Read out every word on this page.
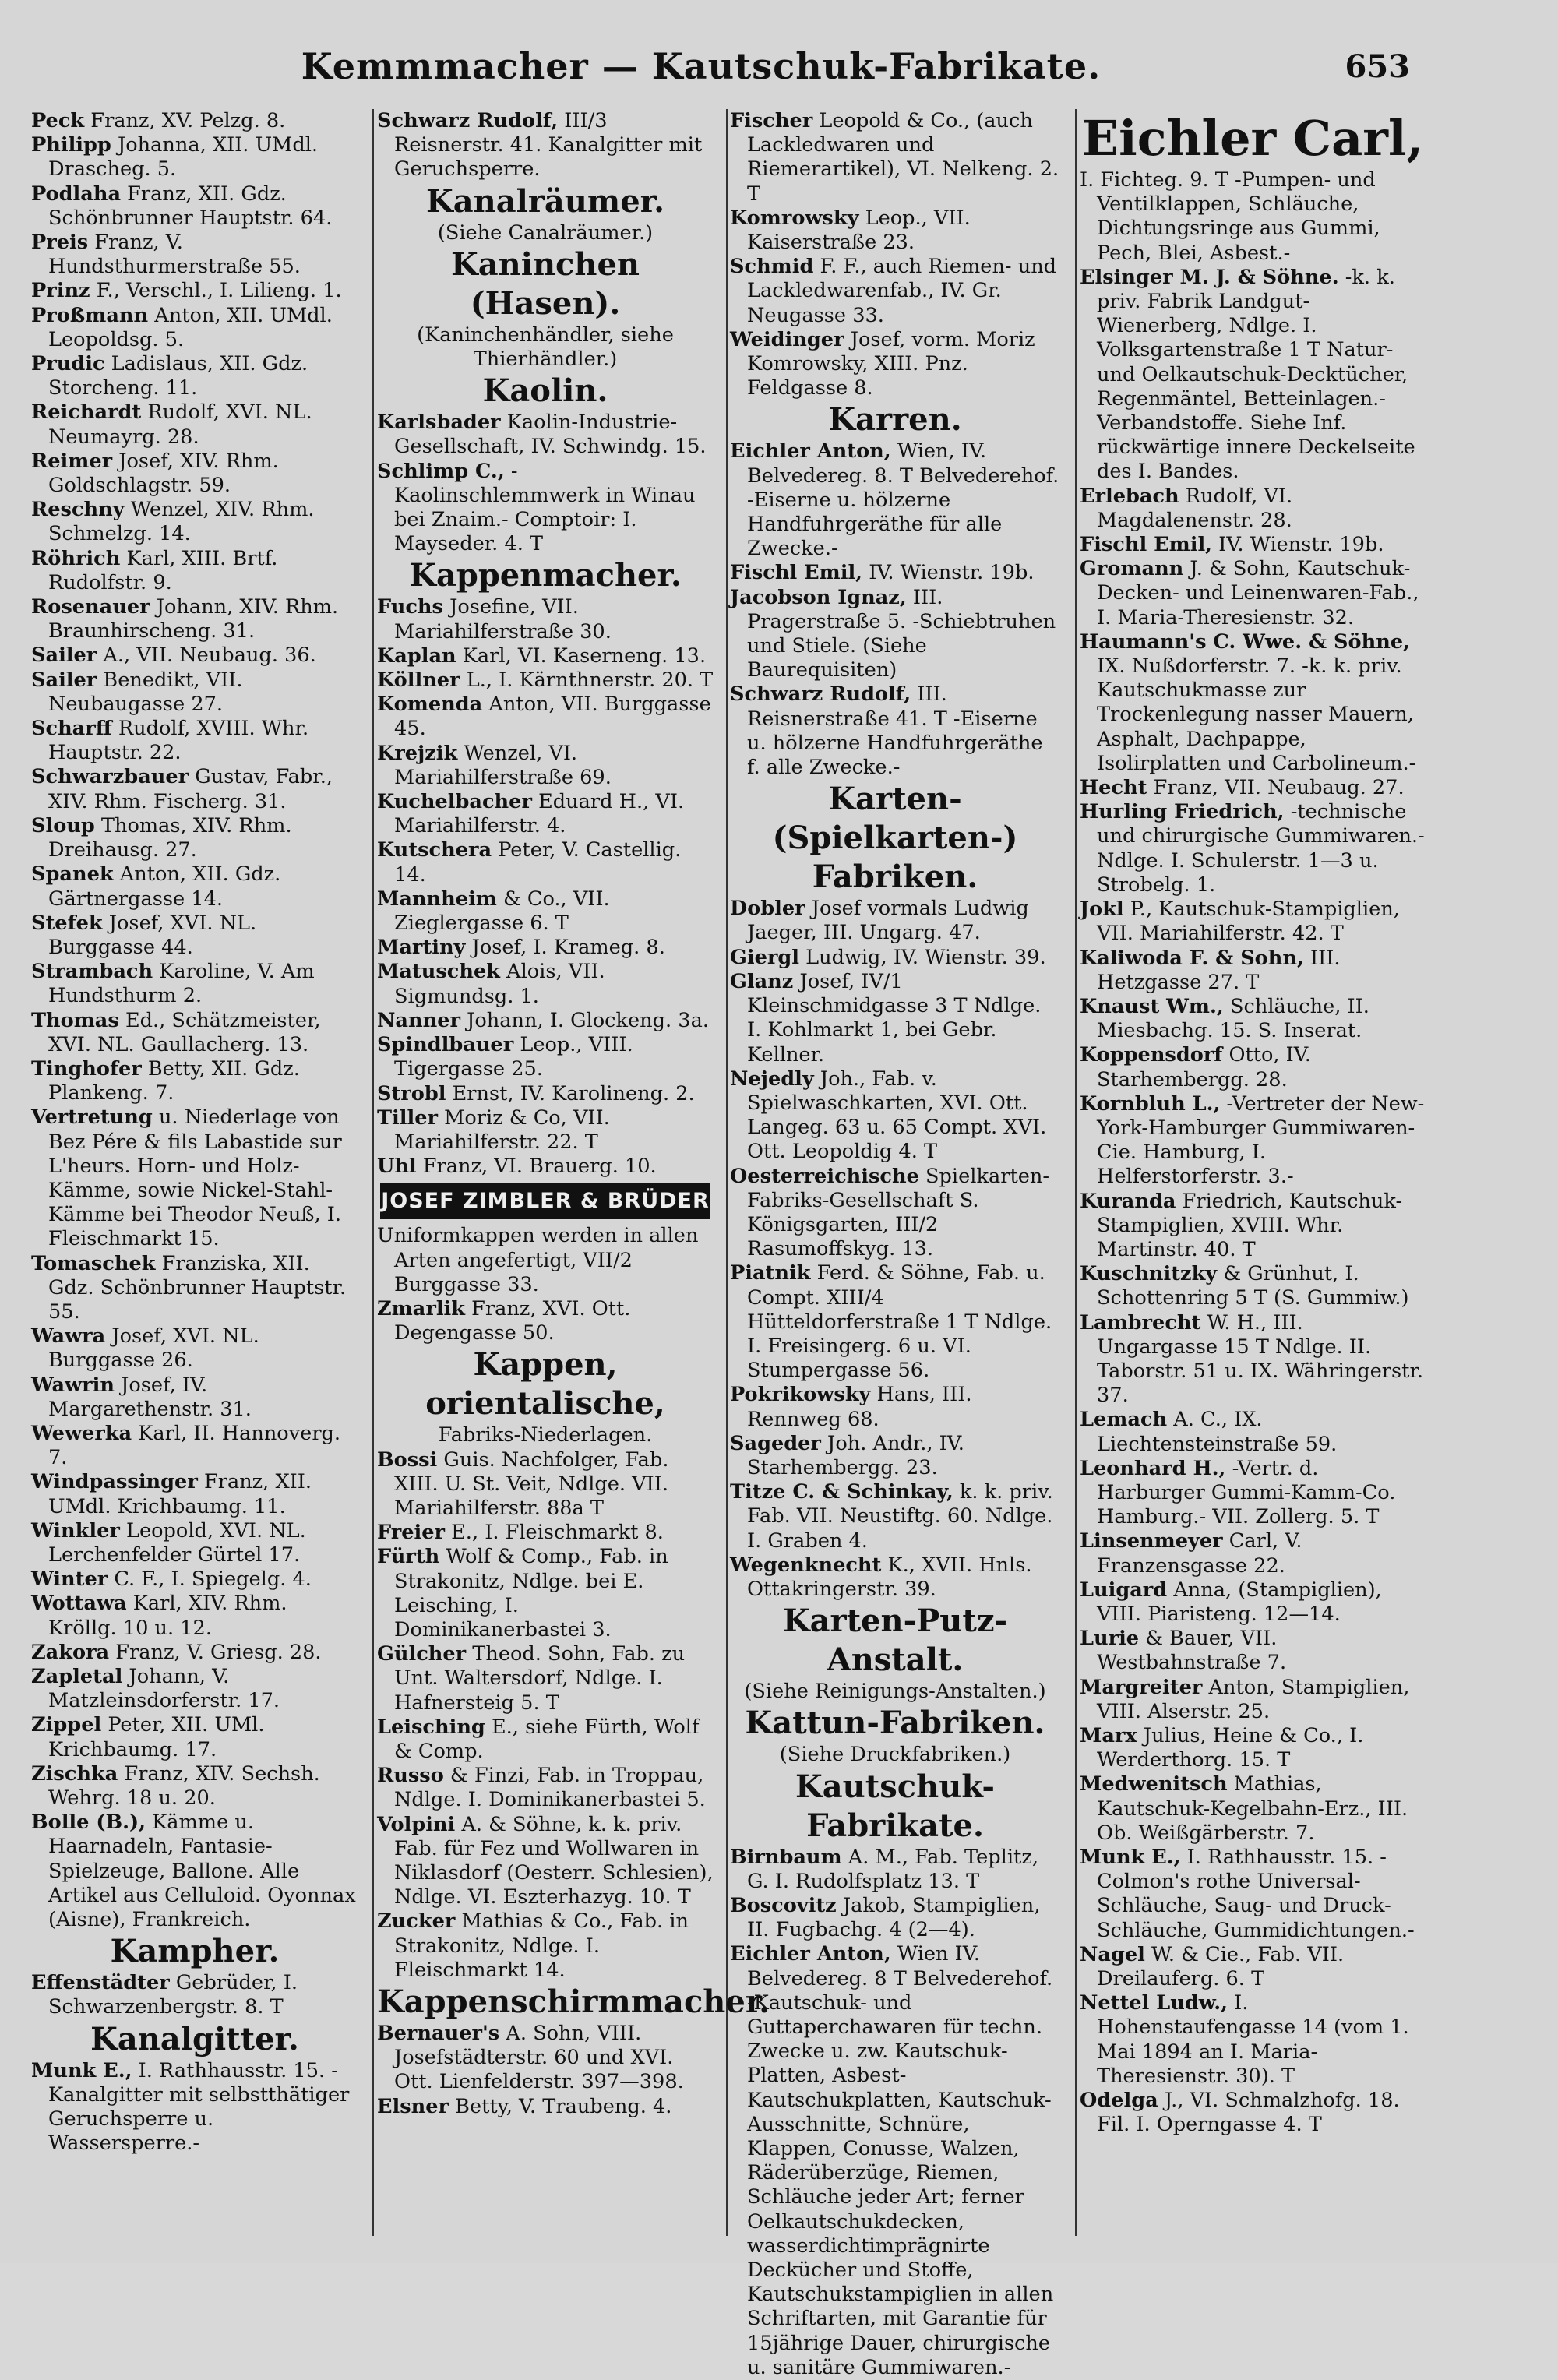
Kemmmacher — Kautschuk-Fabrikate.	653

Peck Franz, XV. Pelzg. 8.

Philipp Johanna, XII. UMdl. Drascheg. 5.

Podlaha Franz, XII. Gdz. Schönbrunner Hauptstr. 64.

Preis Franz, V. Hundsthurmerstraße 55.

Prinz F., Verschl., I. Lilieng. 1.

Proßmann Anton, XII. UMdl. Leopoldsg. 5.

Prudic Ladislaus, XII. Gdz. Storcheng. 11.

Reichardt Rudolf, XVI. NL. Neumayrg. 28.

Reimer Josef, XIV. Rhm. Goldschlagstr. 59.

Reschny Wenzel, XIV. Rhm. Schmelzg. 14.

Röhrich Karl, XIII. Brtf. Rudolfstr. 9.

Rosenauer Johann, XIV. Rhm. Braunhirscheng. 31.

Sailer A., VII. Neubaug. 36.

Sailer Benedikt, VII. Neubaugasse 27.

Scharff Rudolf, XVIII. Whr. Hauptstr. 22.

Schwarzbauer Gustav, Fabr., XIV. Rhm. Fischerg. 31.

Sloup Thomas, XIV. Rhm. Dreihausg. 27.

Spanek Anton, XII. Gdz. Gärtnergasse 14.

Stefek Josef, XVI. NL. Burggasse 44.

Strambach Karoline, V. Am Hundsthurm 2.

Thomas Ed., Schätzmeister, XVI. NL. Gaullacherg. 13.

Tinghofer Betty, XII. Gdz. Plankeng. 7.

Vertretung u. Niederlage von Bez Pére & fils Labastide sur L'heurs. Horn- und Holz-Kämme, sowie Nickel-Stahl-Kämme bei Theodor Neuß, I. Fleischmarkt 15.

Tomaschek Franziska, XII. Gdz. Schönbrunner Hauptstr. 55.

Wawra Josef, XVI. NL. Burggasse 26.

Wawrin Josef, IV. Margarethenstr. 31.

Wewerka Karl, II. Hannoverg. 7.

Windpassinger Franz, XII. UMdl. Krichbaumg. 11.

Winkler Leopold, XVI. NL. Lerchenfelder Gürtel 17.

Winter C. F., I. Spiegelg. 4.

Wottawa Karl, XIV. Rhm. Kröllg. 10 u. 12.

Zakora Franz, V. Griesg. 28.

Zapletal Johann, V. Matzleinsdorferstr. 17.

Zippel Peter, XII. UMl. Krichbaumg. 17.

Zischka Franz, XIV. Sechsh. Wehrg. 18 u. 20.

Bolle (B.), Kämme u. Haarnadeln, Fantasie-Spielzeuge, Ballone. Alle Artikel aus Celluloid. Oyonnax (Aisne), Frankreich.

Kampher.

Effenstädter Gebrüder, I. Schwarzenbergstr. 8. T

Kanalgitter.

Munk E., I. Rathhausstr. 15. -Kanalgitter mit selbstthätiger Geruchsperre u. Wassersperre.-

Schwarz Rudolf, III/3 Reisnerstr. 41. Kanalgitter mit Geruchsperre.

Kanalräumer.

(Siehe Canalräumer.)

Kaninchen (Hasen).

(Kaninchenhändler, siehe Thierhändler.)

Kaolin.

Karlsbader Kaolin-Industrie-Gesellschaft, IV. Schwindg. 15.

Schlimp C., -Kaolinschlemmwerk in Winau bei Znaim.- Comptoir: I. Mayseder. 4. T

Kappenmacher.

Fuchs Josefine, VII. Mariahilferstraße 30.

Kaplan Karl, VI. Kaserneng. 13.

Köllner L., I. Kärnthnerstr. 20. T

Komenda Anton, VII. Burggasse 45.

Krejzik Wenzel, VI. Mariahilferstraße 69.

Kuchelbacher Eduard H., VI. Mariahilferstr. 4.

Kutschera Peter, V. Castellig. 14.

Mannheim & Co., VII. Zieglergasse 6. T

Martiny Josef, I. Krameg. 8.

Matuschek Alois, VII. Sigmundsg. 1.

Nanner Johann, I. Glockeng. 3a.

Spindlbauer Leop., VIII. Tigergasse 25.

Strobl Ernst, IV. Karolineng. 2.

Tiller Moriz & Co, VII. Mariahilferstr. 22. T

Uhl Franz, VI. Brauerg. 10.

JOSEF ZIMBLER & BRÜDER

Uniformkappen werden in allen Arten angefertigt, VII/2 Burggasse 33.

Zmarlik Franz, XVI. Ott. Degengasse 50.

Kappen, orientalische,

Fabriks-Niederlagen.

Bossi Guis. Nachfolger, Fab. XIII. U. St. Veit, Ndlge. VII. Mariahilferstr. 88a T

Freier E., I. Fleischmarkt 8.

Fürth Wolf & Comp., Fab. in Strakonitz, Ndlge. bei E. Leisching, I. Dominikanerbastei 3.

Gülcher Theod. Sohn, Fab. zu Unt. Waltersdorf, Ndlge. I. Hafnersteig 5. T

Leisching E., siehe Fürth, Wolf & Comp.

Russo & Finzi, Fab. in Troppau, Ndlge. I. Dominikanerbastei 5.

Volpini A. & Söhne, k. k. priv. Fab. für Fez und Wollwaren in Niklasdorf (Oesterr. Schlesien), Ndlge. VI. Eszterhazyg. 10. T

Zucker Mathias & Co., Fab. in Strakonitz, Ndlge. I. Fleischmarkt 14.

Kappenschirmmacher.

Bernauer's A. Sohn, VIII. Josefstädterstr. 60 und XVI. Ott. Lienfelderstr. 397—398.

Elsner Betty, V. Traubeng. 4.

Fischer Leopold & Co., (auch Lackledwaren und Riemerartikel), VI. Nelkeng. 2. T

Komrowsky Leop., VII. Kaiserstraße 23.

Schmid F. F., auch Riemen- und Lackledwarenfab., IV. Gr. Neugasse 33.

Weidinger Josef, vorm. Moriz Komrowsky, XIII. Pnz. Feldgasse 8.

Karren.

Eichler Anton, Wien, IV. Belvedereg. 8. T Belvederehof. -Eiserne u. hölzerne Handfuhrgeräthe für alle Zwecke.-

Fischl Emil, IV. Wienstr. 19b.

Jacobson Ignaz, III. Pragerstraße 5. -Schiebtruhen und Stiele. (Siehe Baurequisiten)

Schwarz Rudolf, III. Reisnerstraße 41. T -Eiserne u. hölzerne Handfuhrgeräthe f. alle Zwecke.-

Karten-(Spielkarten-) Fabriken.

Dobler Josef vormals Ludwig Jaeger, III. Ungarg. 47.

Giergl Ludwig, IV. Wienstr. 39.

Glanz Josef, IV/1 Kleinschmidgasse 3 T Ndlge. I. Kohlmarkt 1, bei Gebr. Kellner.

Nejedly Joh., Fab. v. Spielwaschkarten, XVI. Ott. Langeg. 63 u. 65 Compt. XVI. Ott. Leopoldig 4. T

Oesterreichische Spielkarten-Fabriks-Gesellschaft S. Königsgarten, III/2 Rasumoffskyg. 13.

Piatnik Ferd. & Söhne, Fab. u. Compt. XIII/4 Hütteldorferstraße 1 T Ndlge. I. Freisingerg. 6 u. VI. Stumpergasse 56.

Pokrikowsky Hans, III. Rennweg 68.

Sageder Joh. Andr., IV. Starhembergg. 23.

Titze C. & Schinkay, k. k. priv. Fab. VII. Neustiftg. 60. Ndlge. I. Graben 4.

Wegenknecht K., XVII. Hnls. Ottakringerstr. 39.

Karten-Putz-Anstalt.

(Siehe Reinigungs-Anstalten.)

Kattun-Fabriken.

(Siehe Druckfabriken.)

Kautschuk-Fabrikate.

Birnbaum A. M., Fab. Teplitz, G. I. Rudolfsplatz 13. T

Boscovitz Jakob, Stampiglien, II. Fugbachg. 4 (2—4).

Eichler Anton, Wien IV. Belvedereg. 8 T Belvederehof. -Kautschuk- und Guttaperchawaren für techn. Zwecke u. zw. Kautschuk-Platten, Asbest-Kautschukplatten, Kautschuk-Ausschnitte, Schnüre, Klappen, Conusse, Walzen, Räderüberzüge, Riemen, Schläuche jeder Art; ferner Oelkautschukdecken, wasserdichtimprägnirte Deckücher und Stoffe, Kautschukstampiglien in allen Schriftarten, mit Garantie für 15jährige Dauer, chirurgische u. sanitäre Gummiwaren.-

Eichler Carl,

I. Fichteg. 9. T -Pumpen- und Ventilklappen, Schläuche, Dichtungsringe aus Gummi, Pech, Blei, Asbest.-

Elsinger M. J. & Söhne. -k. k. priv. Fabrik Landgut-Wienerberg, Ndlge. I. Volksgartenstraße 1 T Natur- und Oelkautschuk-Decktücher, Regenmäntel, Betteinlagen.- Verbandstoffe. Siehe Inf. rückwärtige innere Deckelseite des I. Bandes.

Erlebach Rudolf, VI. Magdalenenstr. 28.

Fischl Emil, IV. Wienstr. 19b.

Gromann J. & Sohn, Kautschuk-Decken- und Leinenwaren-Fab., I. Maria-Theresienstr. 32.

Haumann's C. Wwe. & Söhne, IX. Nußdorferstr. 7. -k. k. priv. Kautschukmasse zur Trockenlegung nasser Mauern, Asphalt, Dachpappe, Isolirplatten und Carbolineum.-

Hecht Franz, VII. Neubaug. 27.

Hurling Friedrich, -technische und chirurgische Gummiwaren.- Ndlge. I. Schulerstr. 1—3 u. Strobelg. 1.

Jokl P., Kautschuk-Stampiglien, VII. Mariahilferstr. 42. T

Kaliwoda F. & Sohn, III. Hetzgasse 27. T

Knaust Wm., Schläuche, II. Miesbachg. 15. S. Inserat.

Koppensdorf Otto, IV. Starhembergg. 28.

Kornbluh L., -Vertreter der New-York-Hamburger Gummiwaren-Cie. Hamburg, I. Helferstorferstr. 3.-

Kuranda Friedrich, Kautschuk-Stampiglien, XVIII. Whr. Martinstr. 40. T

Kuschnitzky & Grünhut, I. Schottenring 5 T (S. Gummiw.)

Lambrecht W. H., III. Ungargasse 15 T Ndlge. II. Taborstr. 51 u. IX. Währingerstr. 37.

Lemach A. C., IX. Liechtensteinstraße 59.

Leonhard H., -Vertr. d. Harburger Gummi-Kamm-Co. Hamburg.- VII. Zollerg. 5. T

Linsenmeyer Carl, V. Franzensgasse 22.

Luigard Anna, (Stampiglien), VIII. Piaristeng. 12—14.

Lurie & Bauer, VII. Westbahnstraße 7.

Margreiter Anton, Stampiglien, VIII. Alserstr. 25.

Marx Julius, Heine & Co., I. Werderthorg. 15. T

Medwenitsch Mathias, Kautschuk-Kegelbahn-Erz., III. Ob. Weißgärberstr. 7.

Munk E., I. Rathhausstr. 15. -Colmon's rothe Universal-Schläuche, Saug- und Druck-Schläuche, Gummidichtungen.-

Nagel W. & Cie., Fab. VII. Dreilauferg. 6. T

Nettel Ludw., I. Hohenstaufengasse 14 (vom 1. Mai 1894 an I. Maria-Theresienstr. 30). T

Odelga J., VI. Schmalzhofg. 18. Fil. I. Operngasse 4. T
